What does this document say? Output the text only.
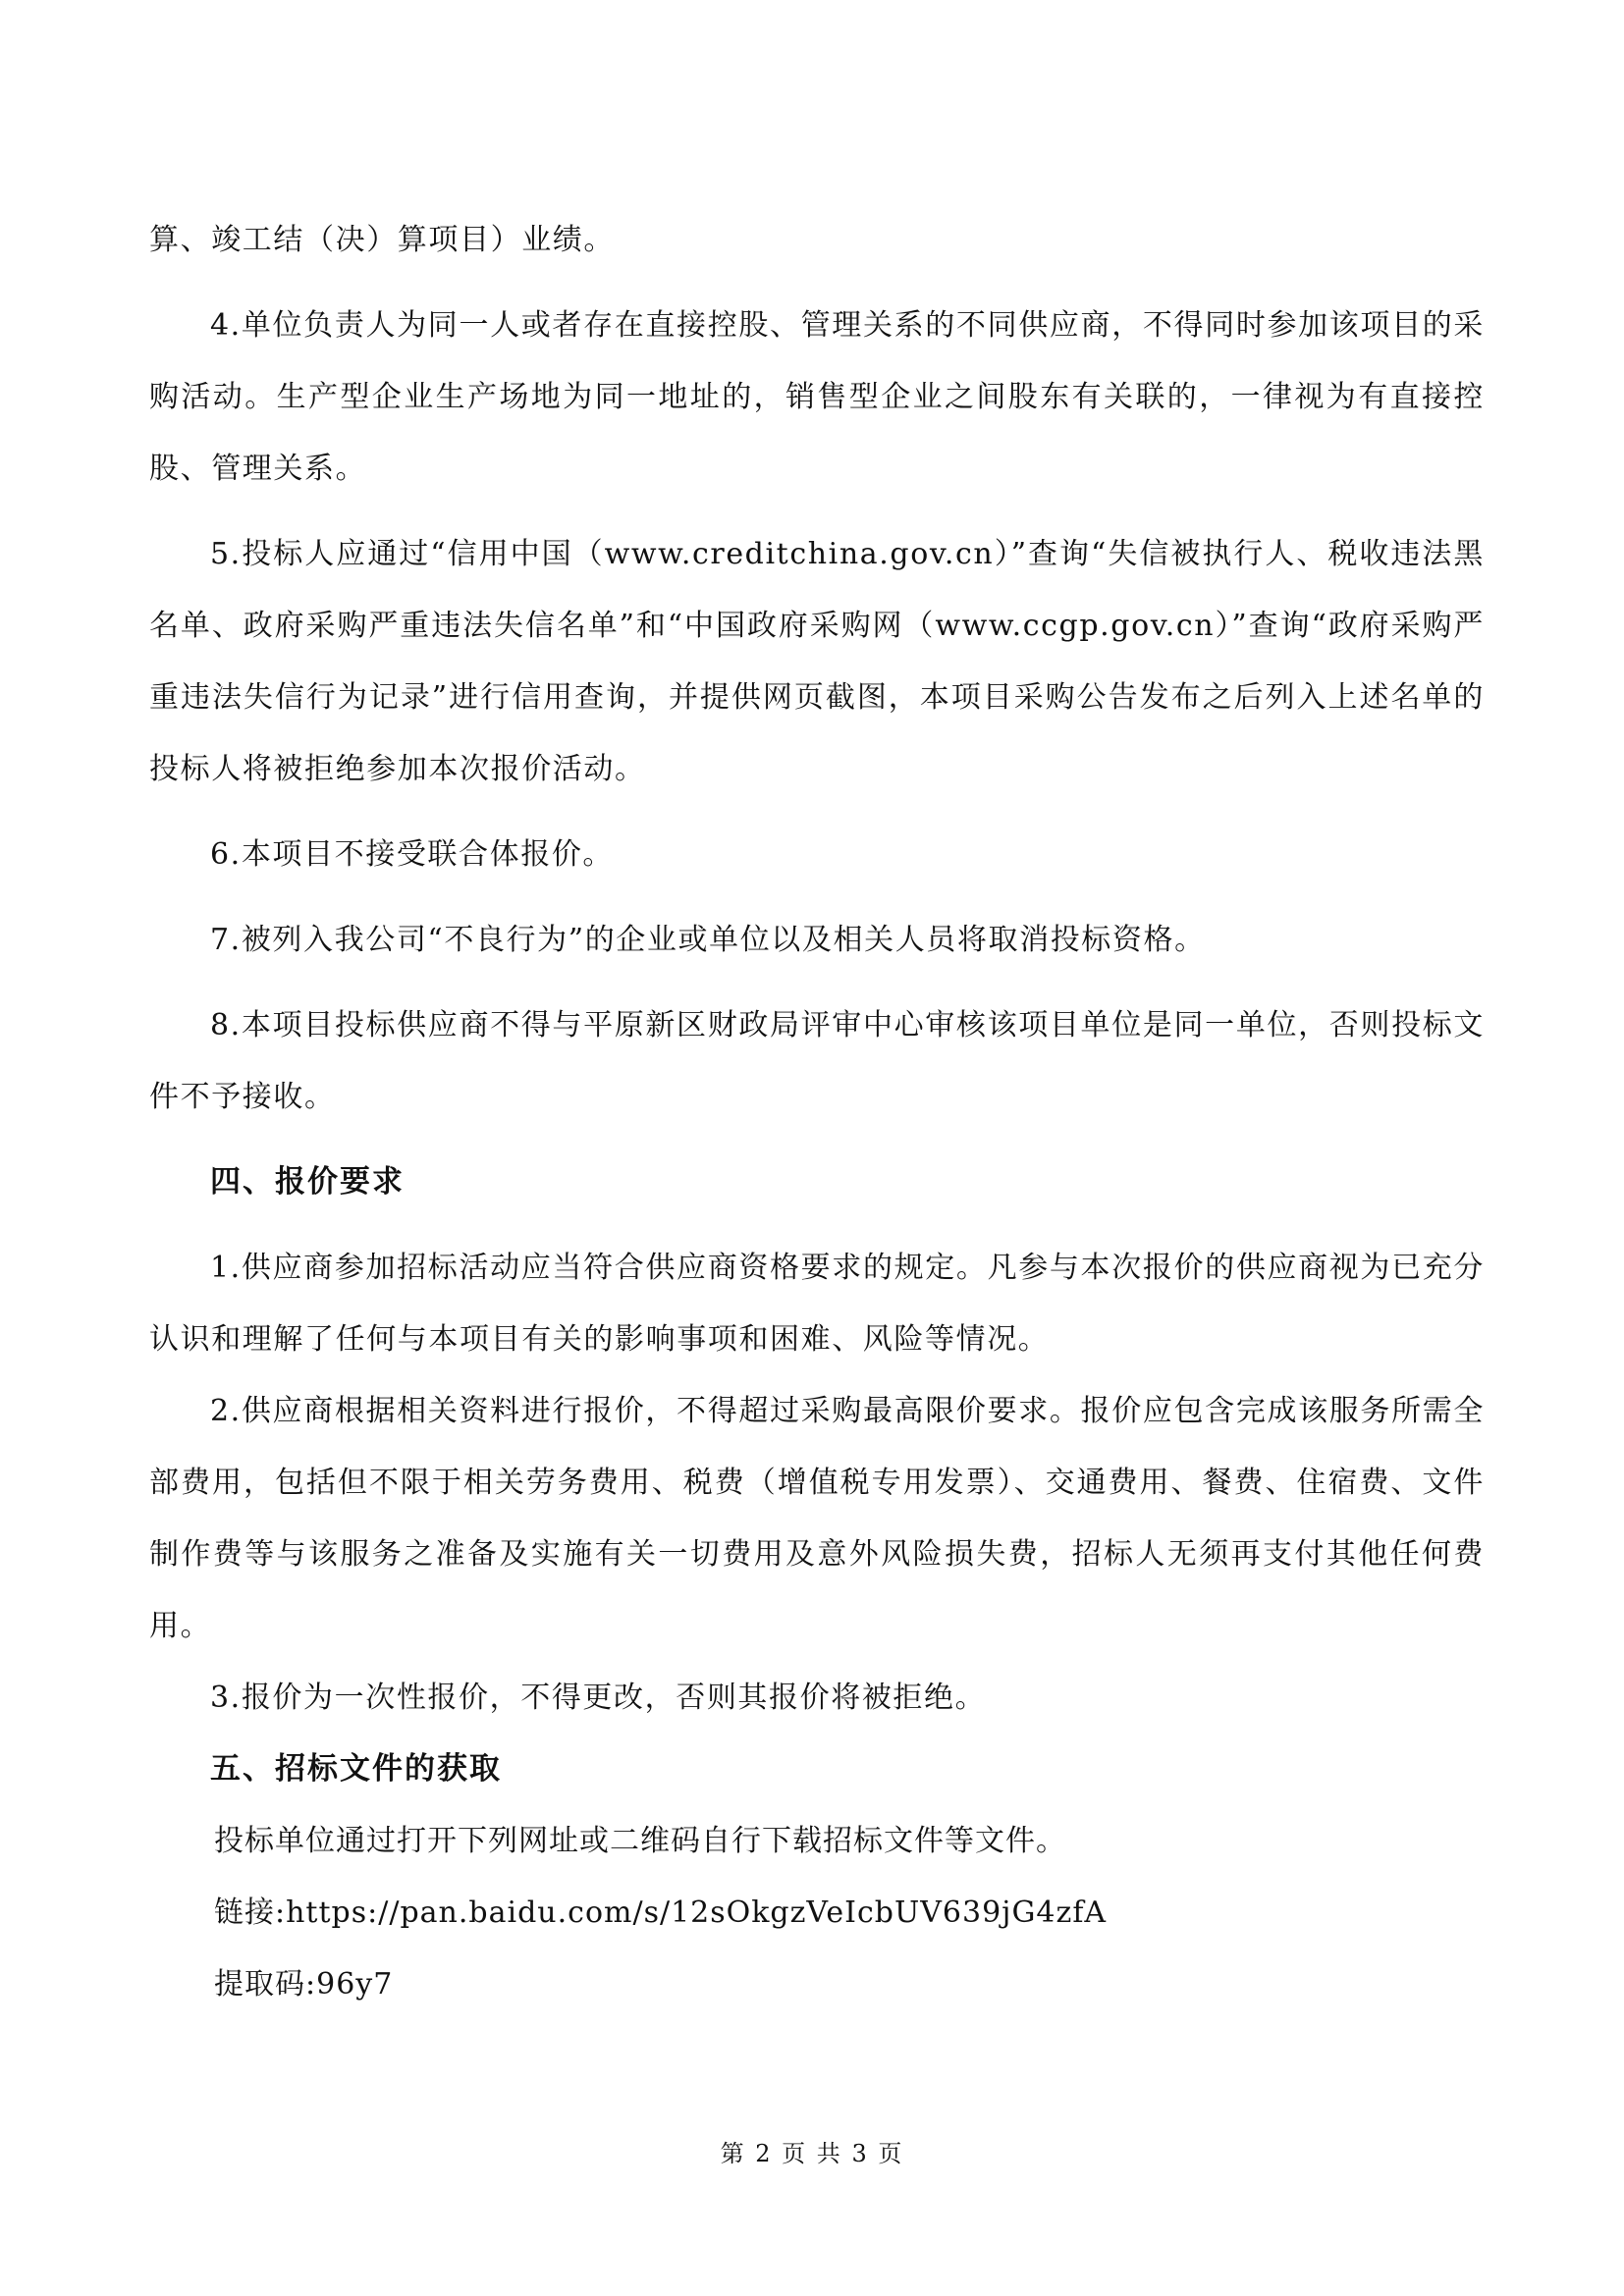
算、竣工结（决）算项目）业绩。

4.单位负责人为同一人或者存在直接控股、管理关系的不同供应商，不得同时参加该项目的采购活动。生产型企业生产场地为同一地址的，销售型企业之间股东有关联的，一律视为有直接控股、管理关系。

5.投标人应通过“信用中国（www.creditchina.gov.cn）”查询“失信被执行人、税收违法黑名单、政府采购严重违法失信名单”和“中国政府采购网（www.ccgp.gov.cn）”查询“政府采购严重违法失信行为记录”进行信用查询，并提供网页截图，本项目采购公告发布之后列入上述名单的投标人将被拒绝参加本次报价活动。

6.本项目不接受联合体报价。

7.被列入我公司“不良行为”的企业或单位以及相关人员将取消投标资格。

8.本项目投标供应商不得与平原新区财政局评审中心审核该项目单位是同一单位，否则投标文件不予接收。

四、报价要求

1.供应商参加招标活动应当符合供应商资格要求的规定。凡参与本次报价的供应商视为已充分认识和理解了任何与本项目有关的影响事项和困难、风险等情况。

2.供应商根据相关资料进行报价，不得超过采购最高限价要求。报价应包含完成该服务所需全部费用，包括但不限于相关劳务费用、税费（增值税专用发票）、交通费用、餐费、住宿费、文件制作费等与该服务之准备及实施有关一切费用及意外风险损失费，招标人无须再支付其他任何费用。

3.报价为一次性报价，不得更改，否则其报价将被拒绝。

五、招标文件的获取

投标单位通过打开下列网址或二维码自行下载招标文件等文件。

链接:https://pan.baidu.com/s/12sOkgzVeIcbUV639jG4zfA

提取码:96y7

第 2 页 共 3 页
